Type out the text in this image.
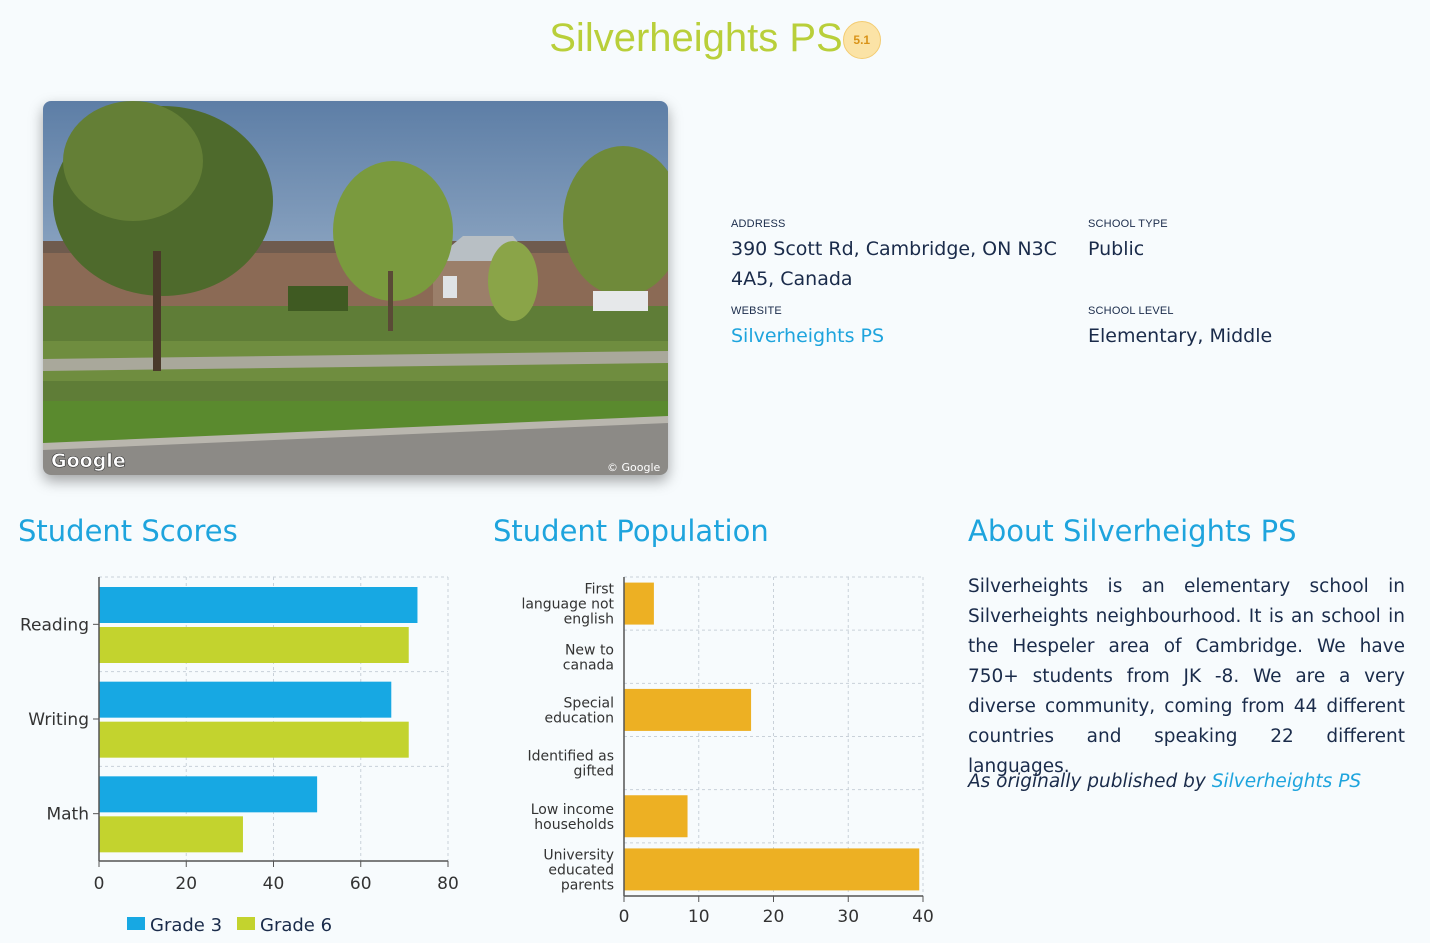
Silverheights PS 5.1
Google	© Google
ADDRESS
390 Scott Rd, Cambridge, ON N3C
4A5, Canada
WEBSITE
Silverheights PS
SCHOOL TYPE
Public
SCHOOL LEVEL
Elementary, Middle
Student Scores	Student Population	About Silverheights PS
0	20	40	60	80
Reading
Writing
Math
Grade 3 Grade 6	0	10	20	30	40
First
language not
english
New to
canada
Special
education
Identified as
gifted
Low income
households
University
educated
parents
Silverheights is an elementary school in Silverheights neighbourhood. It is an school in the Hespeler area of Cambridge. We have 750+ students from JK -8. We are a very diverse community, coming from 44 different countries and speaking 22 different languages.
As originally published by Silverheights PS
